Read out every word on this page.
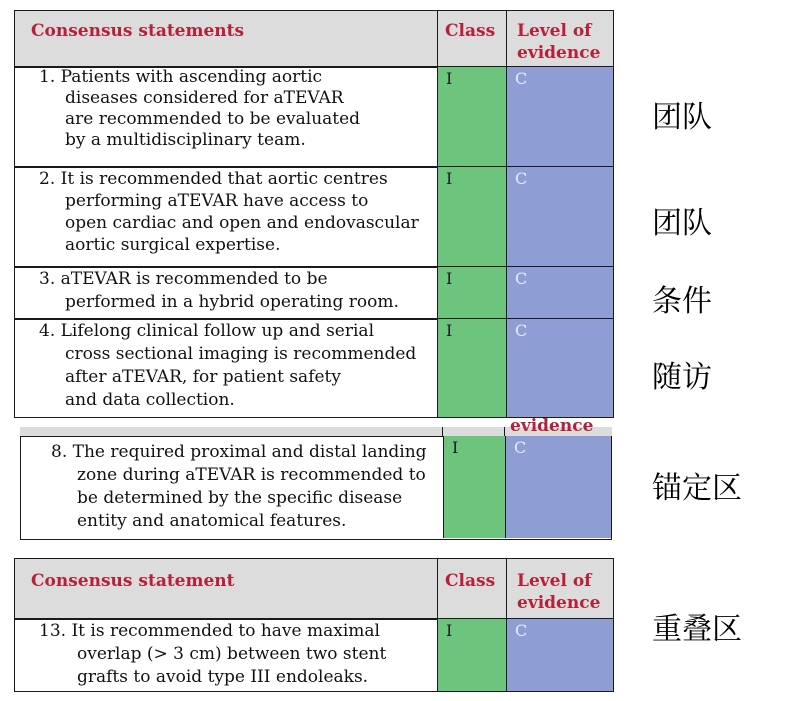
Consensus statements	Class Level of
evidence
1. Patients with ascending aortic
diseases considered for aTEVAR
are recommended to be evaluated
by a multidisciplinary team.
I	C
2. It is recommended that aortic centres
performing aTEVAR have access to
open cardiac and open and endovascular
aortic surgical expertise.
I	C
3. aTEVAR is recommended to be
performed in a hybrid operating room.
I	C
4. Lifelong clinical follow up and serial
cross sectional imaging is recommended
after aTEVAR, for patient safety
and data collection.
I	C
evidence
8. The required proximal and distal landing
zone during aTEVAR is recommended to
be determined by the specific disease
entity and anatomical features.
I	C
Consensus statement	Class Level of
evidence
13. It is recommended to have maximal
overlap (> 3 cm) between two stent
grafts to avoid type III endoleaks.
I	C
团队
团队
条件
随访
锚定区
重叠区
